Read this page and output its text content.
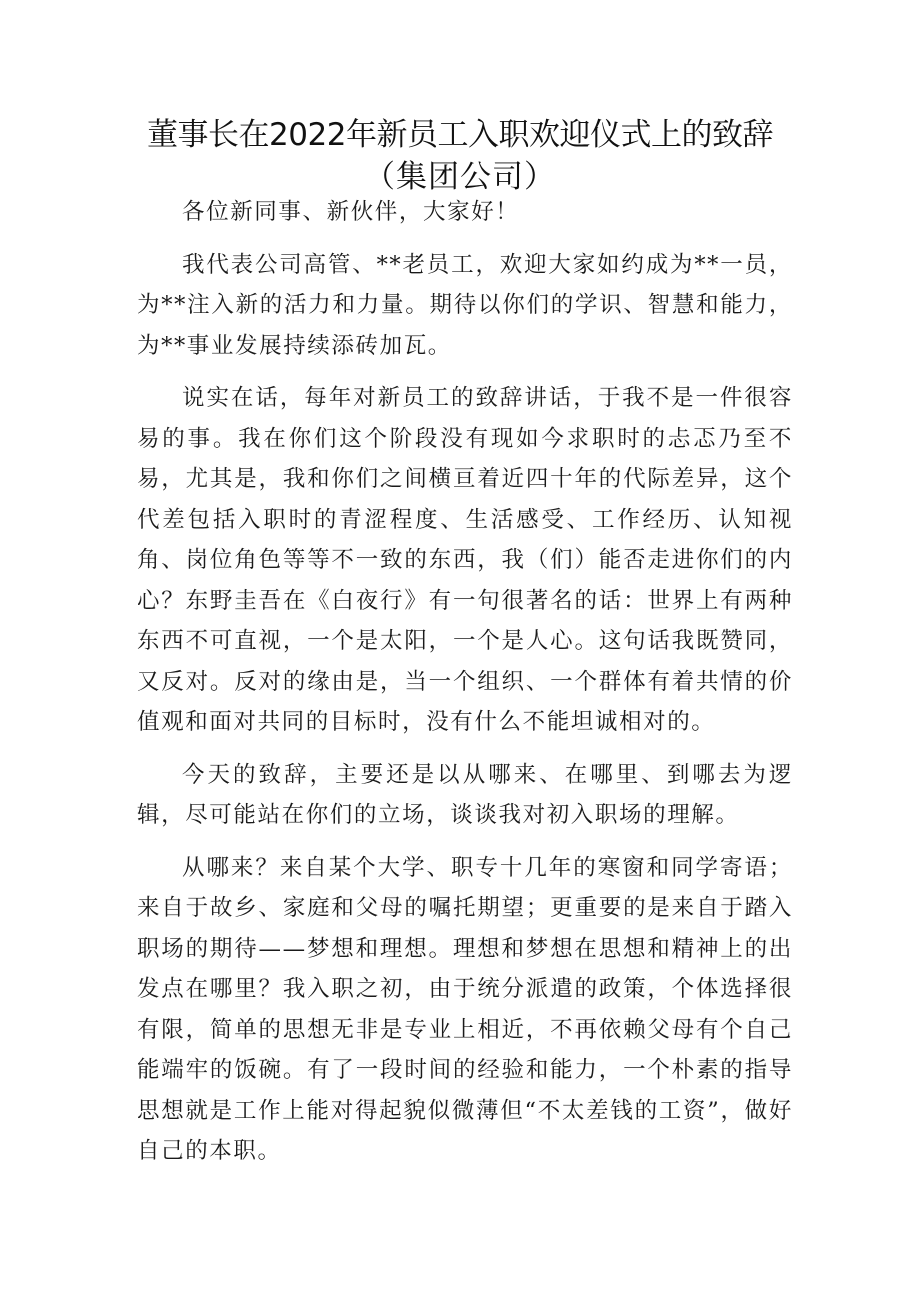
董事长在2022年新员工入职欢迎仪式上的致辞
（集团公司）

各位新同事、新伙伴，大家好！

我代表公司高管、**老员工，欢迎大家如约成为**一员，为**注入新的活力和力量。期待以你们的学识、智慧和能力，为**事业发展持续添砖加瓦。

说实在话，每年对新员工的致辞讲话，于我不是一件很容易的事。我在你们这个阶段没有现如今求职时的忐忑乃至不易，尤其是，我和你们之间横亘着近四十年的代际差异，这个代差包括入职时的青涩程度、生活感受、工作经历、认知视角、岗位角色等等不一致的东西，我（们）能否走进你们的内心？东野圭吾在《白夜行》有一句很著名的话：世界上有两种东西不可直视，一个是太阳，一个是人心。这句话我既赞同，又反对。反对的缘由是，当一个组织、一个群体有着共情的价值观和面对共同的目标时，没有什么不能坦诚相对的。

今天的致辞，主要还是以从哪来、在哪里、到哪去为逻辑，尽可能站在你们的立场，谈谈我对初入职场的理解。

从哪来？来自某个大学、职专十几年的寒窗和同学寄语；来自于故乡、家庭和父母的嘱托期望；更重要的是来自于踏入职场的期待——梦想和理想。理想和梦想在思想和精神上的出发点在哪里？我入职之初，由于统分派遣的政策，个体选择很有限，简单的思想无非是专业上相近，不再依赖父母有个自己能端牢的饭碗。有了一段时间的经验和能力，一个朴素的指导思想就是工作上能对得起貌似微薄但“不太差钱的工资”，做好自己的本职。
